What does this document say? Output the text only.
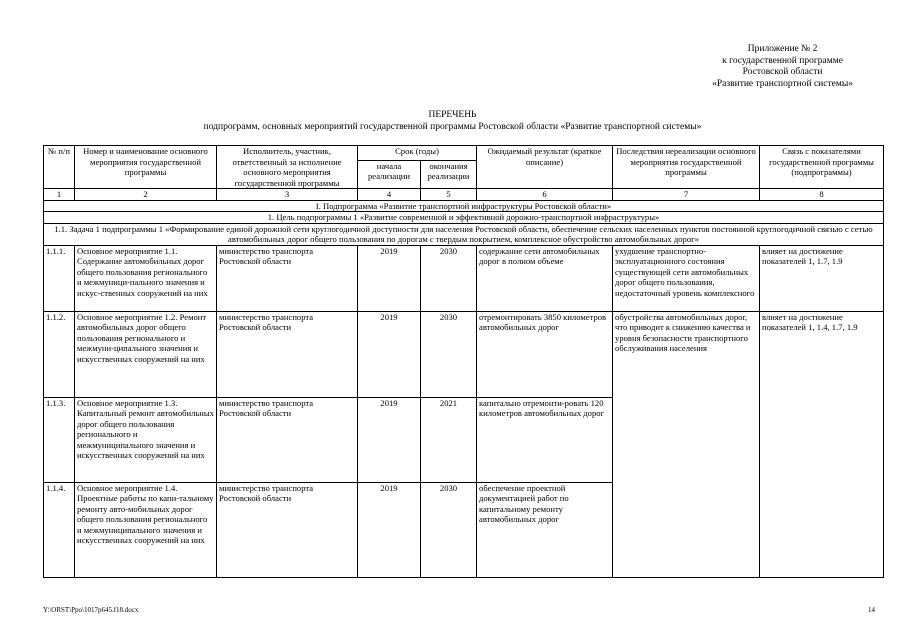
Приложение № 2
к государственной программе
Ростовской области
«Развитие транспортной системы»
ПЕРЕЧЕНЬ
подпрограмм, основных мероприятий государственной программы Ростовской области «Развитие транспортной системы»
№ п/п	Номер и наименование основного мероприятия государственной программы	Исполнитель, участник, ответственный за исполнение основного мероприятия государственной программы	Срок (годы)		Ожидаемый результат (краткое описание)	Последствия нереализации основного мероприятия государственной программы	Связь с показателями государственной программы (подпрограммы)
			начала реализации	окончания реализации			
1	2	3	4	5	6	7	8
I. Подпрограмма «Развитие транспортной инфраструктуры Ростовской области»							
1. Цель подпрограммы 1 «Развитие современной и эффективной дорожно-транспортной инфраструктуры»							
1.1. Задача 1 подпрограммы 1 «Формирование единой дорожной сети круглогодичной доступности для населения Ростовской области, обеспечение сельских населенных пунктов постоянной круглогодичной связью с сетью автомобильных дорог общего пользования по дорогам с твердым покрытием, комплексное обустройство автомобильных дорог»							
1.1.1.	Основное мероприятие 1.1. Содержание автомобильных дорог общего пользования регионального и межмуници-пального значения и искус-ственных сооружений на них	министерство транспорта Ростовской области	2019	2030	содержание сети автомобильных дорог в полном объеме	ухудшение транспортно-эксплуатационного состояния существующей сети автомобильных дорог общего пользования, недостаточный уровень комплексного	влияет на достижение показателей 1, 1.7, 1.9
1.1.2.	Основное мероприятие 1.2. Ремонт автомобильных дорог общего пользования регионального и межмуни-ципального значения и искусственных сооружений на них	министерство транспорта Ростовской области	2019	2030	отремонтировать 3850 километров автомобильных дорог	обустройства автомобильных дорог, что приводит к снижению качества и уровня безопасности транспортного обслуживания населения	влияет на достижение показателей 1, 1.4, 1.7, 1.9
1.1.3.	Основное мероприятие 1.3. Капитальный ремонт автомобильных дорог общего пользования регионального и межмуниципального значения и искусственных сооружений на них	министерство транспорта Ростовской области	2019	2021	капитально отремонти-ровать 120 километров автомобильных дорог		
1.1.4.	Основное мероприятие 1.4. Проектные работы по капи-тальному ремонту авто-мобильных дорог общего пользования регионального и межмуниципального значения и искусственных сооружений на них	министерство транспорта Ростовской области	2019	2030	обеспечение проектной документацией работ по капитальному ремонту автомобильных дорог		
Y:\ORST\Ppo\1017p645.f18.docx	14
